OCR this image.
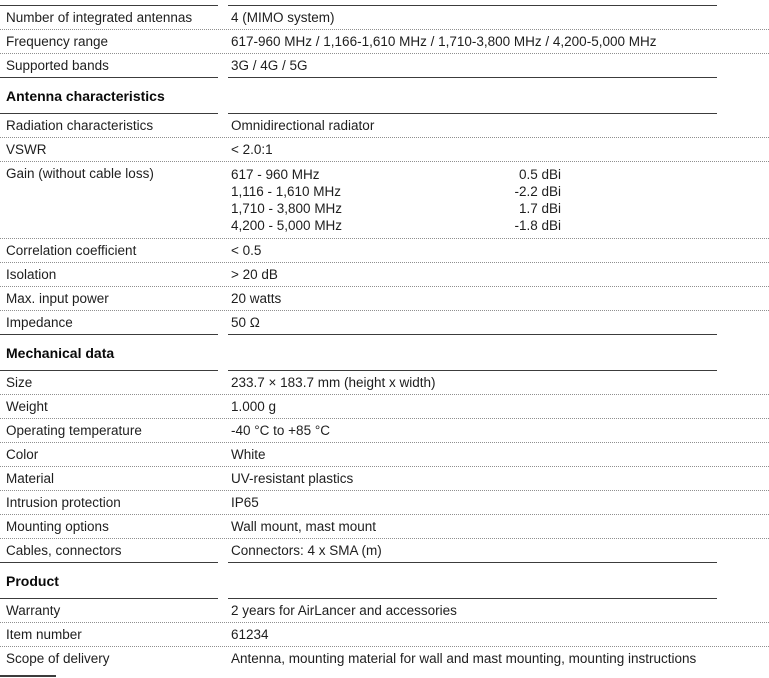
Number of integrated antennas	4 (MIMO system)
Frequency range	617-960 MHz / 1,166-1,610 MHz / 1,710-3,800 MHz / 4,200-5,000 MHz
Supported bands	3G / 4G / 5G
Antenna characteristics
Radiation characteristics	Omnidirectional radiator
VSWR	< 2.0:1
Gain (without cable loss)	617 - 960 MHz	0.5 dBi
1,116 - 1,610 MHz	-2.2 dBi
1,710 - 3,800 MHz	1.7 dBi
4,200 - 5,000 MHz	-1.8 dBi
Correlation coefficient	< 0.5
Isolation	> 20 dB
Max. input power	20 watts
Impedance	50 Ω
Mechanical data
Size	233.7 × 183.7 mm (height x width)
Weight	1.000 g
Operating temperature	-40 °C to +85 °C
Color	White
Material	UV-resistant plastics
Intrusion protection	IP65
Mounting options	Wall mount, mast mount
Cables, connectors	Connectors: 4 x SMA (m)
Product
Warranty	2 years for AirLancer and accessories
Item number	61234
Scope of delivery	Antenna, mounting material for wall and mast mounting, mounting instructions
